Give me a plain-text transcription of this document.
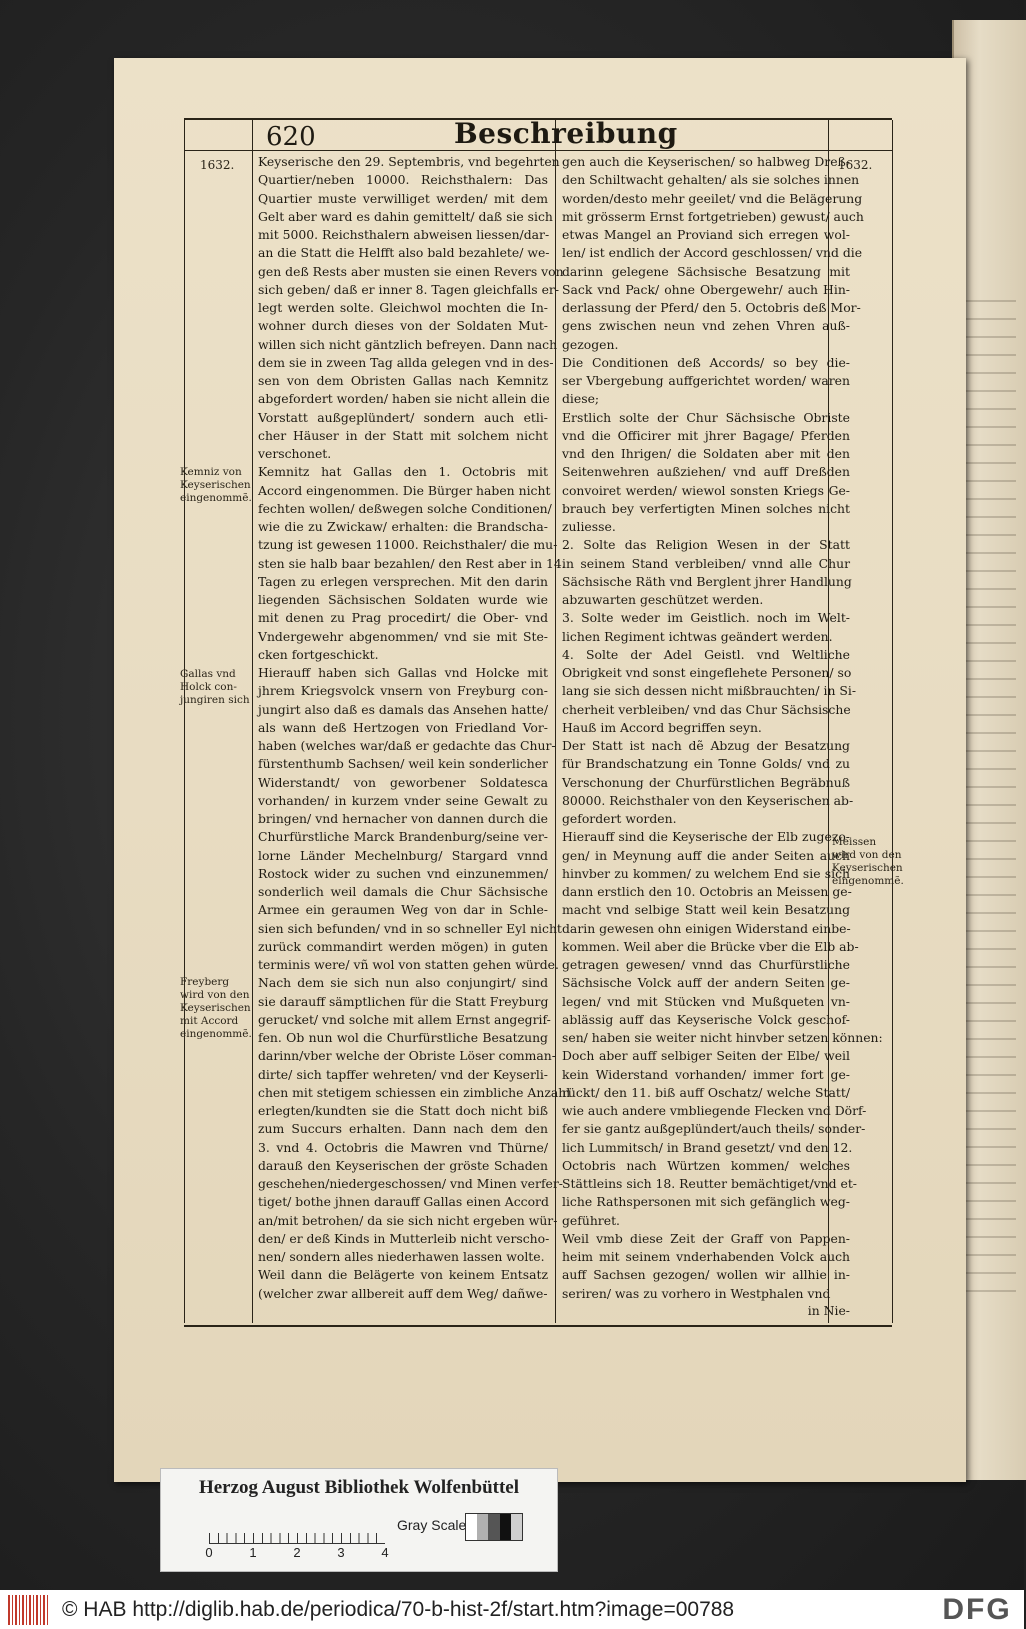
620	Beschreibung
1632.	1632.
Kemniz von
Keyserischen
eingenommẽ.
Gallas vnd
Holck con-
jungiren sich
Freyberg
wird von den
Keyserischen
mit Accord
eingenommẽ.
Meissen
wird von den
Keyserischen
eingenommẽ.
Keyserische den 29. Septembris, vnd begehrten
Quartier/neben 10000. Reichsthalern: Das
Quartier muste verwilliget werden/ mit dem
Gelt aber ward es dahin gemittelt/ daß sie sich
mit 5000. Reichsthalern abweisen liessen/dar-
an die Statt die Helfft also bald bezahlete/ we-
gen deß Rests aber musten sie einen Revers von
sich geben/ daß er inner 8. Tagen gleichfalls er-
legt werden solte. Gleichwol mochten die In-
wohner durch dieses von der Soldaten Mut-
willen sich nicht gäntzlich befreyen. Dann nach
dem sie in zween Tag allda gelegen vnd in des-
sen von dem Obristen Gallas nach Kemnitz
abgefordert worden/ haben sie nicht allein die
Vorstatt außgeplündert/ sondern auch etli-
cher Häuser in der Statt mit solchem nicht
verschonet.
Kemnitz hat Gallas den 1. Octobris mit
Accord eingenommen. Die Bürger haben nicht
fechten wollen/ deßwegen solche Conditionen/
wie die zu Zwickaw/ erhalten: die Brandscha-
tzung ist gewesen 11000. Reichsthaler/ die mu-
sten sie halb baar bezahlen/ den Rest aber in 14.
Tagen zu erlegen versprechen. Mit den darin
liegenden Sächsischen Soldaten wurde wie
mit denen zu Prag procedirt/ die Ober- vnd
Vndergewehr abgenommen/ vnd sie mit Ste-
cken fortgeschickt.
Hierauff haben sich Gallas vnd Holcke mit
jhrem Kriegsvolck vnsern von Freyburg con-
jungirt also daß es damals das Ansehen hatte/
als wann deß Hertzogen von Friedland Vor-
haben (welches war/daß er gedachte das Chur-
fürstenthumb Sachsen/ weil kein sonderlicher
Widerstandt/ von geworbener Soldatesca
vorhanden/ in kurzem vnder seine Gewalt zu
bringen/ vnd hernacher von dannen durch die
Churfürstliche Marck Brandenburg/seine ver-
lorne Länder Mechelnburg/ Stargard vnnd
Rostock wider zu suchen vnd einzunemmen/
sonderlich weil damals die Chur Sächsische
Armee ein geraumen Weg von dar in Schle-
sien sich befunden/ vnd in so schneller Eyl nicht
zurück commandirt werden mögen) in guten
terminis were/ vñ wol von statten gehen würde.
Nach dem sie sich nun also conjungirt/ sind
sie darauff sämptlichen für die Statt Freyburg
gerucket/ vnd solche mit allem Ernst angegrif-
fen. Ob nun wol die Churfürstliche Besatzung
darinn/vber welche der Obriste Löser comman-
dirte/ sich tapffer wehreten/ vnd der Keyserli-
chen mit stetigem schiessen ein zimbliche Anzahl
erlegten/kundten sie die Statt doch nicht biß
zum Succurs erhalten. Dann nach dem den
3. vnd 4. Octobris die Mawren vnd Thürne/
darauß den Keyserischen der gröste Schaden
geschehen/niedergeschossen/ vnd Minen verfer-
tiget/ bothe jhnen darauff Gallas einen Accord
an/mit betrohen/ da sie sich nicht ergeben wür-
den/ er deß Kinds in Mutterleib nicht verscho-
nen/ sondern alles niederhawen lassen wolte.
Weil dann die Belägerte von keinem Entsatz
(welcher zwar allbereit auff dem Weg/ dañwe-
gen auch die Keyserischen/ so halbweg Dreß-
den Schiltwacht gehalten/ als sie solches innen
worden/desto mehr geeilet/ vnd die Belägerung
mit grösserm Ernst fortgetrieben) gewust/ auch
etwas Mangel an Proviand sich erregen wol-
len/ ist endlich der Accord geschlossen/ vnd die
darinn gelegene Sächsische Besatzung mit
Sack vnd Pack/ ohne Obergewehr/ auch Hin-
derlassung der Pferd/ den 5. Octobris deß Mor-
gens zwischen neun vnd zehen Vhren auß-
gezogen.
Die Conditionen deß Accords/ so bey die-
ser Vbergebung auffgerichtet worden/ waren
diese;
Erstlich solte der Chur Sächsische Obriste
vnd die Officirer mit jhrer Bagage/ Pferden
vnd den Ihrigen/ die Soldaten aber mit den
Seitenwehren außziehen/ vnd auff Dreßden
convoiret werden/ wiewol sonsten Kriegs Ge-
brauch bey verfertigten Minen solches nicht
zuliesse.
2. Solte das Religion Wesen in der Statt
in seinem Stand verbleiben/ vnnd alle Chur
Sächsische Räth vnd Berglent jhrer Handlung
abzuwarten geschützet werden.
3. Solte weder im Geistlich. noch im Welt-
lichen Regiment ichtwas geändert werden.
4. Solte der Adel Geistl. vnd Weltliche
Obrigkeit vnd sonst eingeflehete Personen/ so
lang sie sich dessen nicht mißbrauchten/ in Si-
cherheit verbleiben/ vnd das Chur Sächsische
Hauß im Accord begriffen seyn.
Der Statt ist nach dẽ Abzug der Besatzung
für Brandschatzung ein Tonne Golds/ vnd zu
Verschonung der Churfürstlichen Begräbnuß
80000. Reichsthaler von den Keyserischen ab-
gefordert worden.
Hierauff sind die Keyserische der Elb zugezo-
gen/ in Meynung auff die ander Seiten auch
hinvber zu kommen/ zu welchem End sie sich
dann erstlich den 10. Octobris an Meissen ge-
macht vnd selbige Statt weil kein Besatzung
darin gewesen ohn einigen Widerstand einbe-
kommen. Weil aber die Brücke vber die Elb ab-
getragen gewesen/ vnnd das Churfürstliche
Sächsische Volck auff der andern Seiten ge-
legen/ vnd mit Stücken vnd Mußqueten vn-
ablässig auff das Keyserische Volck geschof-
sen/ haben sie weiter nicht hinvber setzen können:
Doch aber auff selbiger Seiten der Elbe/ weil
kein Widerstand vorhanden/ immer fort ge-
rückt/ den 11. biß auff Oschatz/ welche Statt/
wie auch andere vmbliegende Flecken vnd Dörf-
fer sie gantz außgeplündert/auch theils/ sonder-
lich Lummitsch/ in Brand gesetzt/ vnd den 12.
Octobris nach Würtzen kommen/ welches
Stättleins sich 18. Reutter bemächtiget/vnd et-
liche Rathspersonen mit sich gefänglich weg-
geführet.
Weil vmb diese Zeit der Graff von Pappen-
heim mit seinem vnderhabenden Volck auch
auff Sachsen gezogen/ wollen wir allhie in-
seriren/ was zu vorhero in Westphalen vnd
in Nie-
Herzog August Bibliothek Wolfenbüttel
0	1	2	3	4
Gray Scale
© HAB http://diglib.hab.de/periodica/70-b-hist-2f/start.htm?image=00788	DFG
